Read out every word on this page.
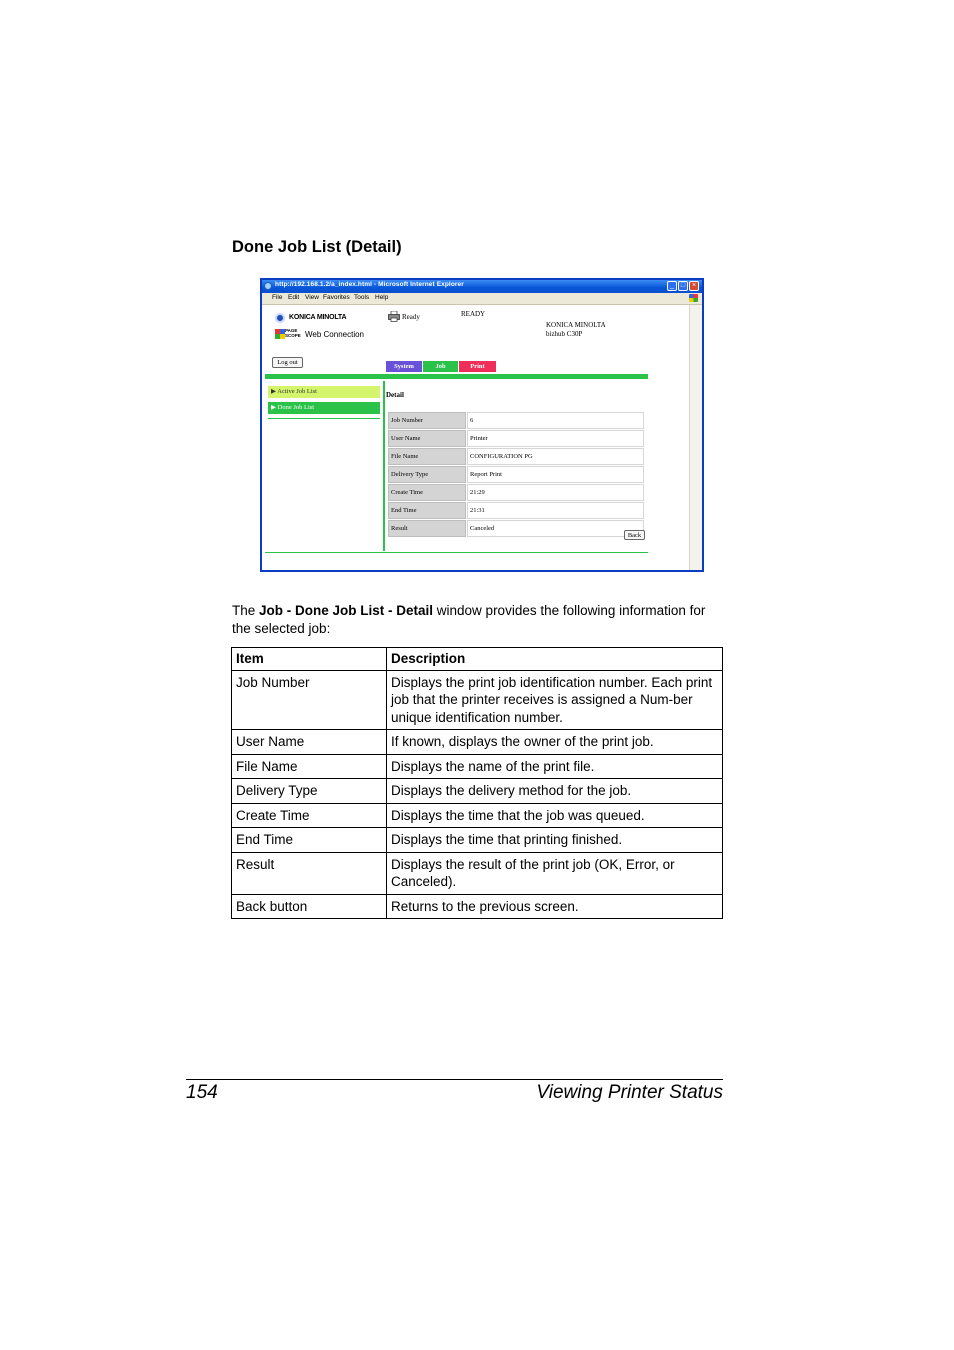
Done Job List (Detail)
http://192.168.1.2/a_index.html - Microsoft Internet Explorer	_ □ ×
File Edit View Favorites Tools Help
KONICA MINOLTA
PAGE
SCOPE Web Connection
Ready	READY
KONICA MINOLTA
bizhub C30P
Log out
System	Job	Print
▶ Active Job List
▶ Done Job List
Detail
Job Number	6
User Name	Printer
File Name	CONFIGURATION PG
Delivery Type	Report Print
Create Time	21:29
End Time	21:31
Result	Canceled
Back
The Job - Done Job List - Detail window provides the following information for the selected job:
Item	Description
Job Number	Displays the print job identification number. Each print job that the printer receives is assigned a Num-ber unique identification number.
User Name	If known, displays the owner of the print job.
File Name	Displays the name of the print file.
Delivery Type	Displays the delivery method for the job.
Create Time	Displays the time that the job was queued.
End Time	Displays the time that printing finished.
Result	Displays the result of the print job (OK, Error, or Canceled).
Back button	Returns to the previous screen.
154	Viewing Printer Status
